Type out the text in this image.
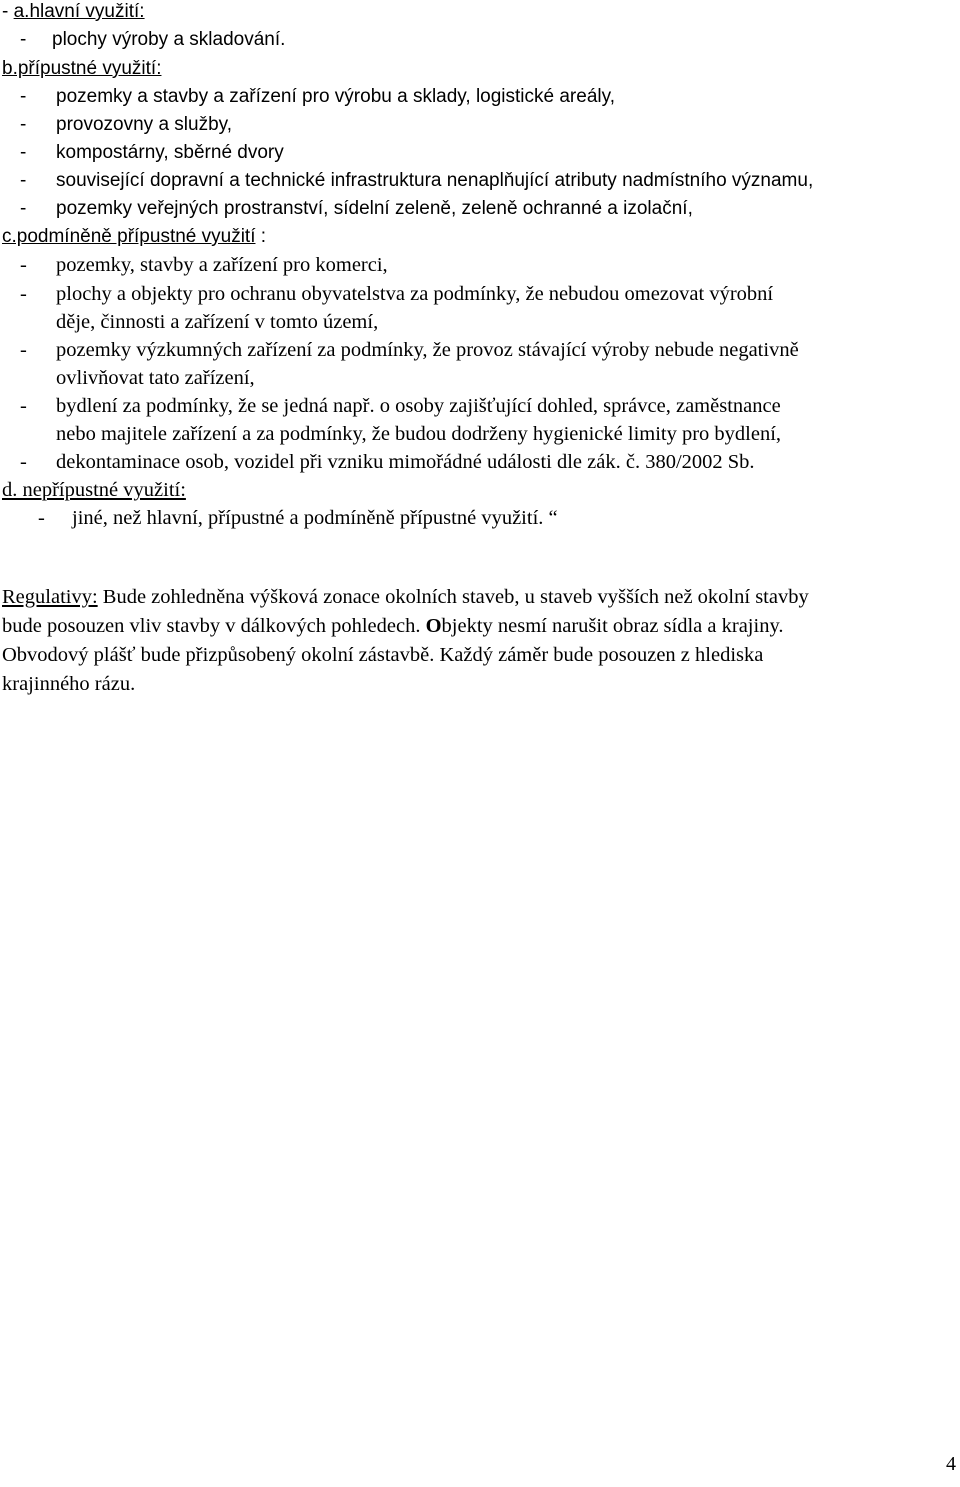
- a.hlavní využití:
- plochy výroby a skladování.
b.přípustné využití:
- pozemky a stavby a zařízení pro výrobu a sklady, logistické areály,
- provozovny a služby,
- kompostárny, sběrné dvory
- související dopravní a technické infrastruktura nenaplňující atributy nadmístního významu,
- pozemky veřejných prostranství, sídelní zeleně, zeleně ochranné a izolační,
c.podmíněně přípustné využití :
- pozemky, stavby a zařízení pro komerci,
- plochy a objekty pro ochranu obyvatelstva za podmínky, že nebudou omezovat výrobní
děje, činnosti a zařízení v tomto území,
- pozemky výzkumných zařízení za podmínky, že provoz stávající výroby nebude negativně
ovlivňovat tato zařízení,
- bydlení za podmínky, že se jedná např. o osoby zajišťující dohled, správce, zaměstnance
nebo majitele zařízení a za podmínky, že budou dodrženy hygienické limity pro bydlení,
- dekontaminace osob, vozidel při vzniku mimořádné události dle zák. č. 380/2002 Sb.
d. nepřípustné využití:
- jiné, než hlavní, přípustné a podmíněně přípustné využití. “
Regulativy: Bude zohledněna výšková zonace okolních staveb, u staveb vyšších než okolní stavby
bude posouzen vliv stavby v dálkových pohledech. Objekty nesmí narušit obraz sídla a krajiny.
Obvodový plášť bude přizpůsobený okolní zástavbě. Každý záměr bude posouzen z hlediska
krajinného rázu.
4
